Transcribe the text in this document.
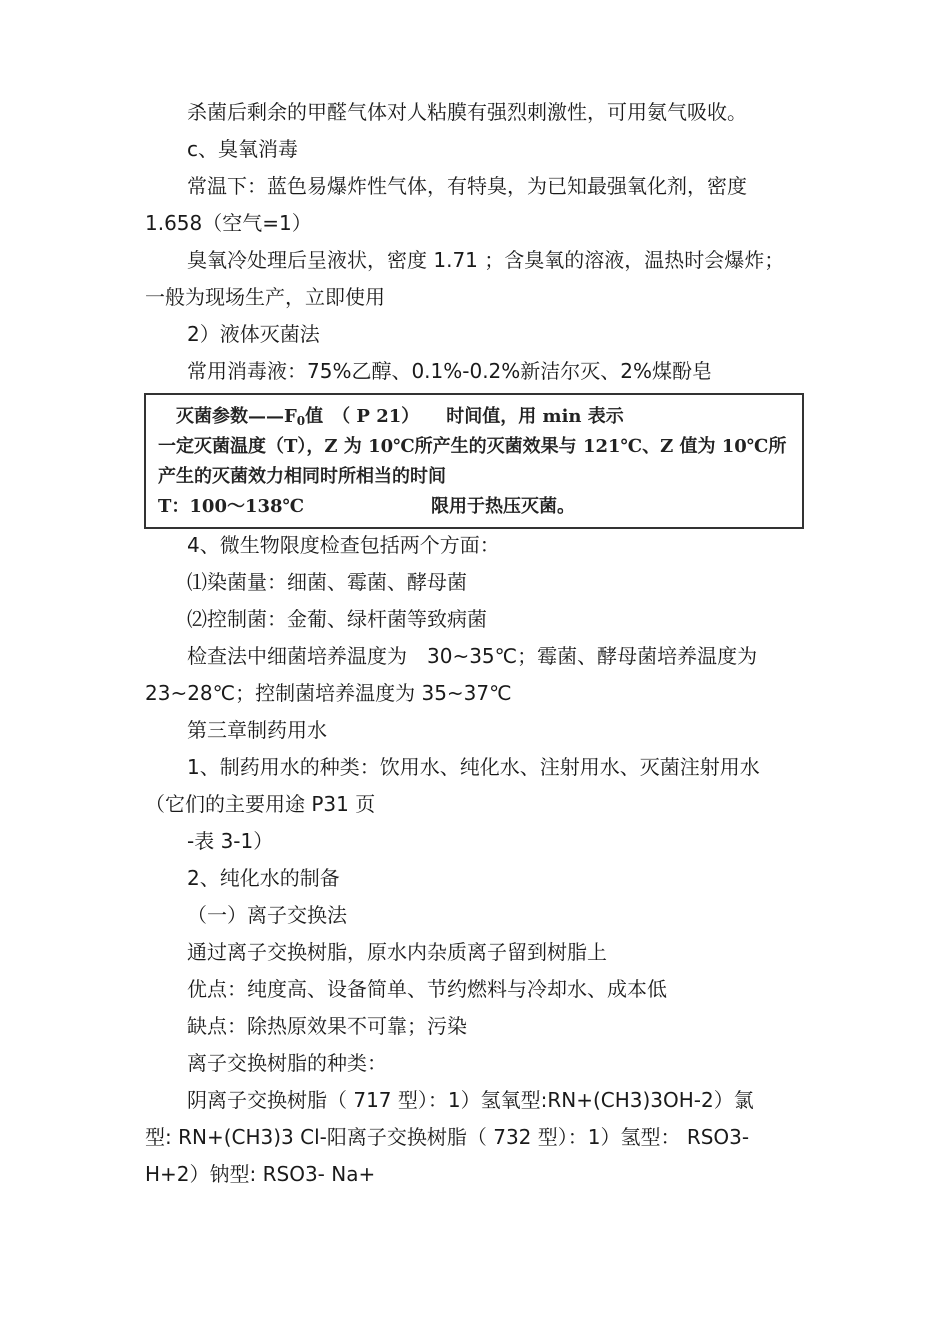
杀菌后剩余的甲醛气体对人粘膜有强烈刺激性，可用氨气吸收。
c、臭氧消毒
常温下：蓝色易爆炸性气体，有特臭，为已知最强氧化剂，密度
1.658（空气=1）
臭氧冷处理后呈液状，密度 1.71 ；含臭氧的溶液，温热时会爆炸；
一般为现场生产，立即使用
2）液体灭菌法
常用消毒液：75%乙醇、0.1%-0.2%新洁尔灭、2%煤酚皂
灭菌参数$——F_0$值　（ P 21）　　时间值，用 min 表示
一定灭菌温度（T），Z 为 10℃所产生的灭菌效果与 121℃、Z 值为 10℃所
产生的灭菌效力相同时所相当的时间
T：100～138℃	限用于热压灭菌。
4、微生物限度检查包括两个方面：
⑴染菌量：细菌、霉菌、酵母菌
⑵控制菌：金葡、绿杆菌等致病菌
检查法中细菌培养温度为　30~35℃；霉菌、酵母菌培养温度为
23~28℃；控制菌培养温度为 35~37℃
第三章制药用水
1、制药用水的种类：饮用水、纯化水、注射用水、灭菌注射用水
（它们的主要用途 P31 页
-表 3-1）
2、纯化水的制备
（一）离子交换法
通过离子交换树脂，原水内杂质离子留到树脂上
优点：纯度高、设备简单、节约燃料与冷却水、成本低
缺点：除热原效果不可靠；污染
离子交换树脂的种类：
阴离子交换树脂（ 717 型）：1）氢氧型:RN+(CH3)3OH-2）氯
型: RN+(CH3)3 Cl-阳离子交换树脂（ 732 型）：1）氢型： RSO3-
H+2）钠型: RSO3- Na+
